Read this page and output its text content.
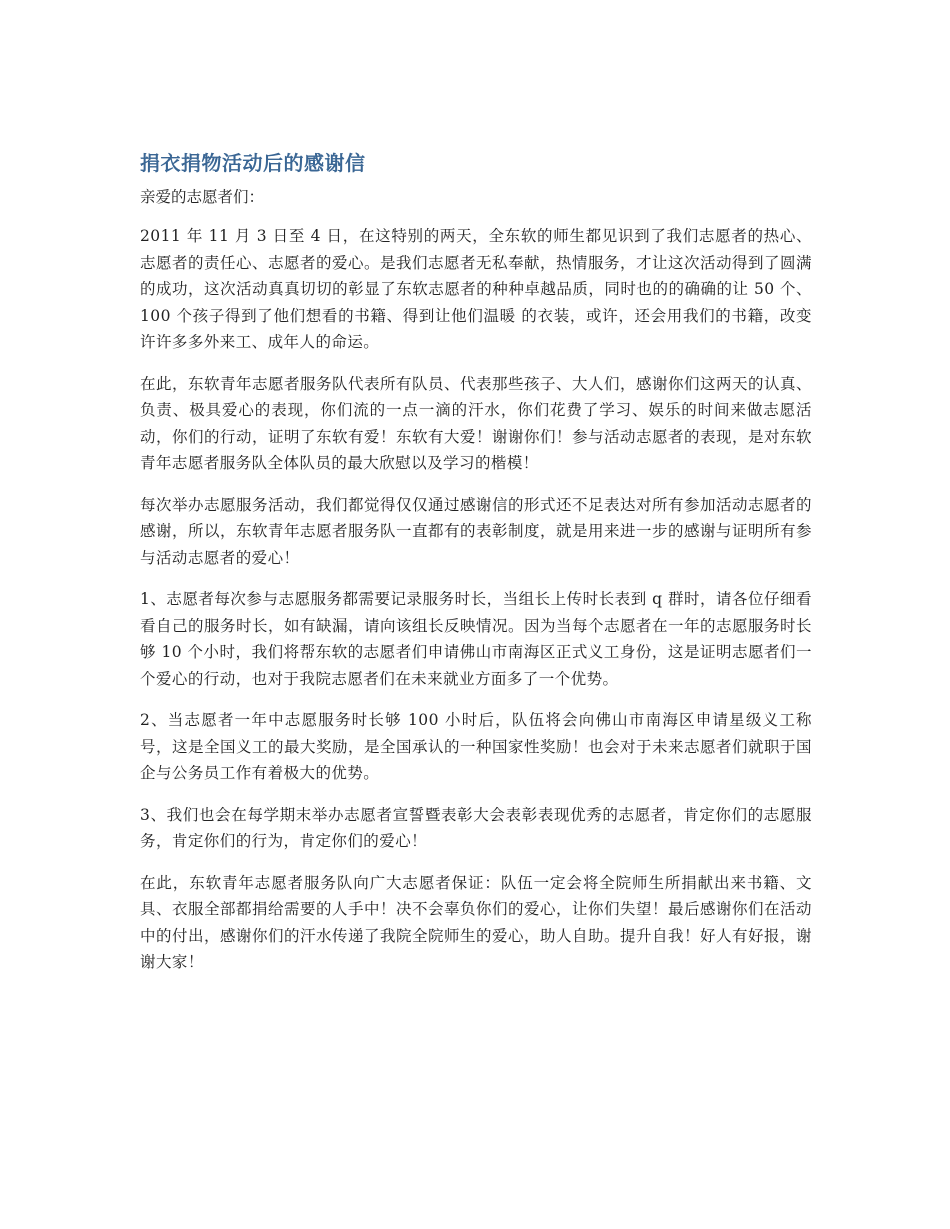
捐衣捐物活动后的感谢信

亲爱的志愿者们：

2011 年 11 月 3 日至 4 日，在这特别的两天，全东软的师生都见识到了我们志愿者的热心、志愿者的责任心、志愿者的爱心。是我们志愿者无私奉献，热情服务，才让这次活动得到了圆满的成功，这次活动真真切切的彰显了东软志愿者的种种卓越品质，同时也的的确确的让 50 个、100 个孩子得到了他们想看的书籍、得到让他们温暖 的衣装，或许，还会用我们的书籍，改变许许多多外来工、成年人的命运。

在此，东软青年志愿者服务队代表所有队员、代表那些孩子、大人们，感谢你们这两天的认真、负责、极具爱心的表现，你们流的一点一滴的汗水，你们花费了学习、娱乐的时间来做志愿活动，你们的行动，证明了东软有爱！东软有大爱！谢谢你们！参与活动志愿者的表现，是对东软青年志愿者服务队全体队员的最大欣慰以及学习的楷模！

每次举办志愿服务活动，我们都觉得仅仅通过感谢信的形式还不足表达对所有参加活动志愿者的感谢，所以，东软青年志愿者服务队一直都有的表彰制度，就是用来进一步的感谢与证明所有参与活动志愿者的爱心！

1、志愿者每次参与志愿服务都需要记录服务时长，当组长上传时长表到 q 群时，请各位仔细看看自己的服务时长，如有缺漏，请向该组长反映情况。因为当每个志愿者在一年的志愿服务时长够 10 个小时，我们将帮东软的志愿者们申请佛山市南海区正式义工身份，这是证明志愿者们一个爱心的行动，也对于我院志愿者们在未来就业方面多了一个优势。

2、当志愿者一年中志愿服务时长够 100 小时后，队伍将会向佛山市南海区申请星级义工称号，这是全国义工的最大奖励，是全国承认的一种国家性奖励！也会对于未来志愿者们就职于国企与公务员工作有着极大的优势。

3、我们也会在每学期末举办志愿者宣誓暨表彰大会表彰表现优秀的志愿者，肯定你们的志愿服务，肯定你们的行为，肯定你们的爱心！

在此，东软青年志愿者服务队向广大志愿者保证：队伍一定会将全院师生所捐献出来书籍、文具、衣服全部都捐给需要的人手中！决不会辜负你们的爱心，让你们失望！最后感谢你们在活动中的付出，感谢你们的汗水传递了我院全院师生的爱心，助人自助。提升自我！好人有好报，谢谢大家！
